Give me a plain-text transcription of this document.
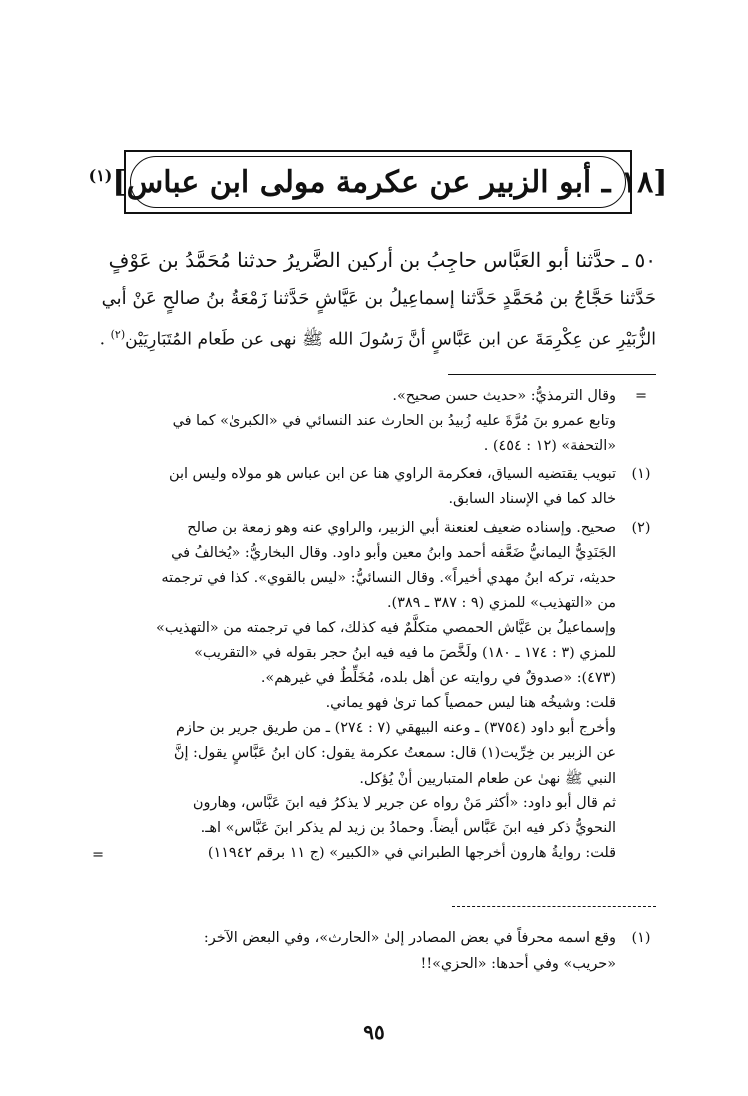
[١٨ ـ أبو الزبير عن عكرمة مولى ابن عباس]$^{(١)}$
٥٠ ـ حدَّثنا أبو العَبَّاس حاجِبُ بن أركين الضَّريرُ حدثنا مُحَمَّدُ بن عَوْفٍ
حَدَّثنا حَجَّاجُ بن مُحَمَّدٍ حَدَّثنا إسماعِيلُ بن عَيَّاشٍ حَدَّثنا زَمْعَةُ بنُ صالحٍ عَنْ أبي
الزُّبَيْرِ عن عِكْرِمَةَ عن ابن عَبَّاسٍ أنَّ رَسُولَ الله ﷺ نهى عن طَعام المُتَبَارِيَيْن$^{(٢)}$ .
=
وقال الترمذيُّ: «حديث حسن صحيح».
وتابع عمرو بنَ مُرَّةَ عليه زُبيدُ بن الحارث عند النسائي في «الكبرىٰ» كما في
«التحفة» (١٢ : ٤٥٤) .
(١)
تبويب يقتضيه السياق، فعكرمة الراوي هنا عن ابن عباس هو مولاه وليس ابن
خالد كما في الإسناد السابق.
(٢)
صحيح. وإسناده ضعيف لعنعنة أبي الزبير، والراوي عنه وهو زمعة بن صالح
الجَنَدِيُّ اليمانيُّ ضَعَّفه أحمد وابنُ معين وأبو داود. وقال البخاريُّ: «يُخالفُ في
حديثه، تركه ابنُ مهدي أخيراً». وقال النسائيُّ: «ليس بالقوي». كذا في ترجمته
من «التهذيب» للمزي (٩ : ٣٨٧ ـ ٣٨٩).
وإسماعيلُ بن عَيَّاش الحمصي متكلَّمٌ فيه كذلك، كما في ترجمته من «التهذيب»
للمزي (٣ : ١٧٤ ـ ١٨٠) ولَخَّصَ ما فيه فيه ابنُ حجر بقوله في «التقريب»
(٤٧٣): «صدوقٌ في روايته عن أهل بلده، مُخَلِّطٌ في غيرهم».
قلت: وشيخُه هنا ليس حمصياً كما ترىٰ فهو يماني.
وأخرج أبو داود (٣٧٥٤) ـ وعنه البيهقي (٧ : ٢٧٤) ـ من طريق جرير بن حازم
عن الزبير بن خِرِّيت(١) قال: سمعتُ عكرمة يقول: كان ابنُ عَبَّاسٍ يقول: إنَّ
النبي ﷺ نهىٰ عن طعام المتباريين أنْ يُؤكل.
ثم قال أبو داود: «أكثر مَنْ رواه عن جرير لا يذكرُ فيه ابنَ عَبَّاس، وهارون
النحويُّ ذكر فيه ابنَ عَبَّاس أيضاً. وحمادُ بن زيد لم يذكر ابنَ عَبَّاس» اهـ.
قلت: روايةُ هارون أخرجها الطبراني في «الكبير» (ج ١١ برقم ١١٩٤٢)
=
(١)
وقع اسمه محرفاً في بعض المصادر إلىٰ «الحارث»، وفي البعض الآخر:
«حريب» وفي أحدها: «الحزي»!!
٩٥
